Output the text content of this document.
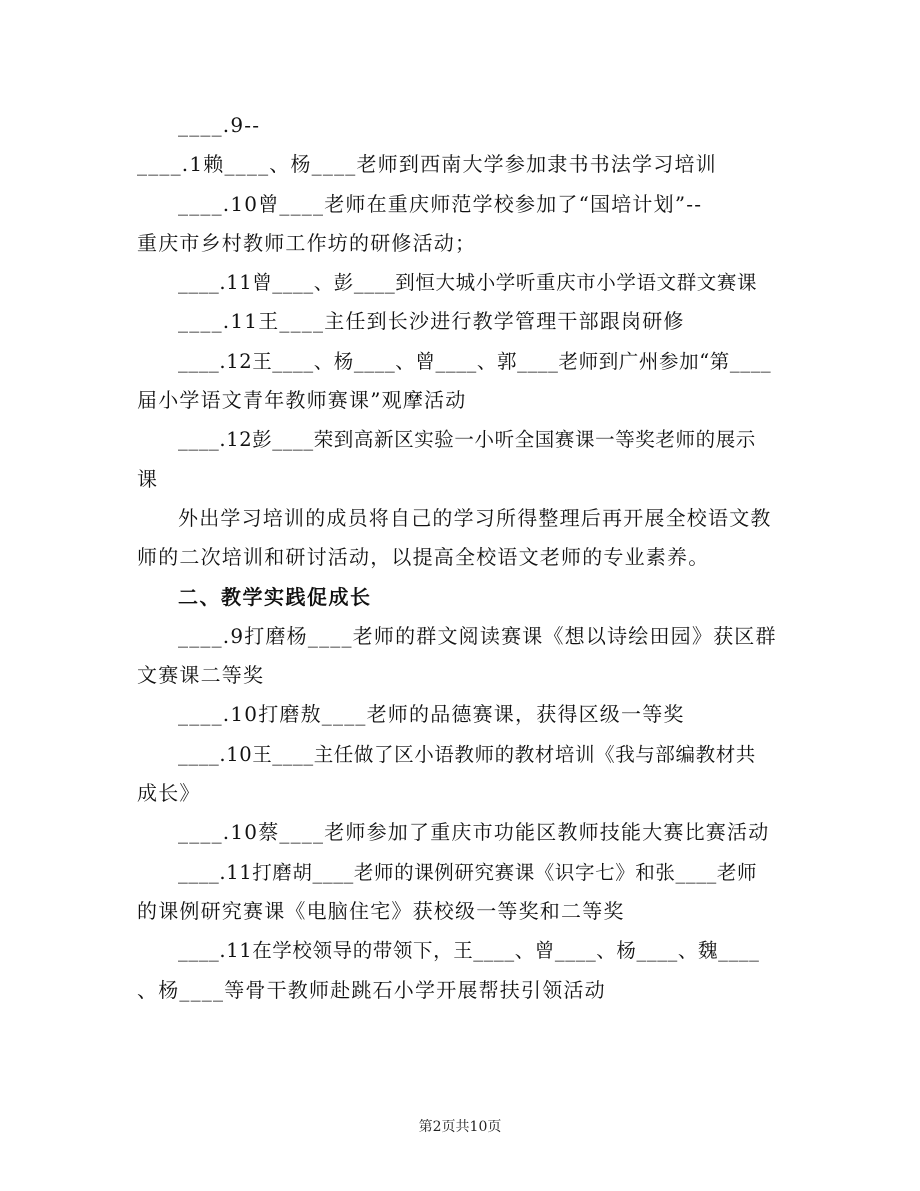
____.9--
____.1赖____、杨____老师到西南大学参加隶书书法学习培训
____.10曾____老师在重庆师范学校参加了“国培计划”--
重庆市乡村教师工作坊的研修活动；
____.11曾____、彭____到恒大城小学听重庆市小学语文群文赛课
____.11王____主任到长沙进行教学管理干部跟岗研修
____.12王____、杨____、曾____、郭____老师到广州参加“第____
届小学语文青年教师赛课”观摩活动
____.12彭____荣到高新区实验一小听全国赛课一等奖老师的展示
课
外出学习培训的成员将自己的学习所得整理后再开展全校语文教
师的二次培训和研讨活动，以提高全校语文老师的专业素养。
二、教学实践促成长
____.9打磨杨____老师的群文阅读赛课《想以诗绘田园》获区群
文赛课二等奖
____.10打磨敖____老师的品德赛课，获得区级一等奖
____.10王____主任做了区小语教师的教材培训《我与部编教材共
成长》
____.10蔡____老师参加了重庆市功能区教师技能大赛比赛活动
____.11打磨胡____老师的课例研究赛课《识字七》和张____老师
的课例研究赛课《电脑住宅》获校级一等奖和二等奖
____.11在学校领导的带领下，王____、曾____、杨____、魏____
、杨____等骨干教师赴跳石小学开展帮扶引领活动
第2页共10页
